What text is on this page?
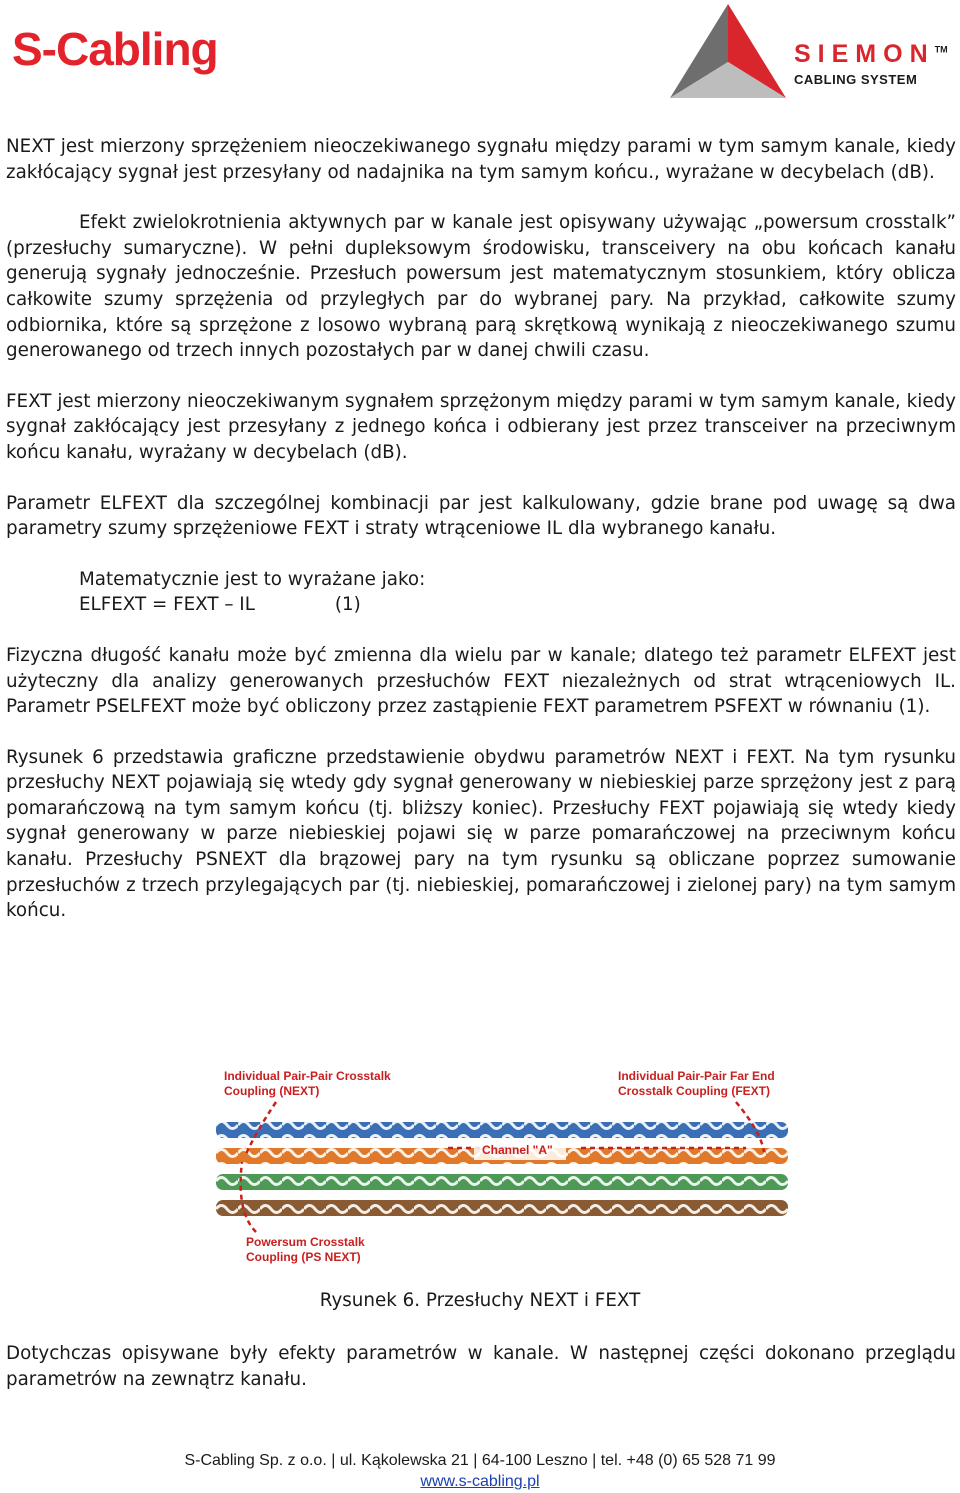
S-Cabling	SIEMON™
CABLING SYSTEM

NEXT jest mierzony sprzężeniem nieoczekiwanego sygnału między parami w tym samym kanale, kiedy zakłócający sygnał jest przesyłany od nadajnika na tym samym końcu., wyrażane w decybelach (dB).

Efekt zwielokrotnienia aktywnych par w kanale jest opisywany używając „powersum crosstalk” (przesłuchy sumaryczne). W pełni dupleksowym środowisku, transceivery na obu końcach kanału generują sygnały jednocześnie. Przesłuch powersum jest matematycznym stosunkiem, który oblicza całkowite szumy sprzężenia od przyległych par do wybranej pary. Na przykład, całkowite szumy odbiornika, które są sprzężone z losowo wybraną parą skrętkową wynikają z nieoczekiwanego szumu generowanego od trzech innych pozostałych par w danej chwili czasu.

FEXT jest mierzony nieoczekiwanym sygnałem sprzężonym między parami w tym samym kanale, kiedy sygnał zakłócający jest przesyłany z jednego końca i odbierany jest przez transceiver na przeciwnym końcu kanału, wyrażany w decybelach (dB).

Parametr ELFEXT dla szczególnej kombinacji par jest kalkulowany, gdzie brane pod uwagę są dwa parametry szumy sprzężeniowe FEXT i straty wtrąceniowe IL dla wybranego kanału.

Matematycznie jest to wyrażane jako:
ELFEXT = FEXT – IL	(1)

Fizyczna długość kanału może być zmienna dla wielu par w kanale; dlatego też parametr ELFEXT jest użyteczny dla analizy generowanych przesłuchów FEXT niezależnych od strat wtrąceniowych IL. Parametr PSELFEXT może być obliczony przez zastąpienie FEXT parametrem PSFEXT w równaniu (1).

Rysunek 6 przedstawia graficzne przedstawienie obydwu parametrów NEXT i FEXT. Na tym rysunku przesłuchy NEXT pojawiają się wtedy gdy sygnał generowany w niebieskiej parze sprzężony jest z parą pomarańczową na tym samym końcu (tj. bliższy koniec). Przesłuchy FEXT pojawiają się wtedy kiedy sygnał generowany w parze niebieskiej pojawi się w parze pomarańczowej na przeciwnym końcu kanału. Przesłuchy PSNEXT dla brązowej pary na tym rysunku są obliczane poprzez sumowanie przesłuchów z trzech przylegających par (tj. niebieskiej, pomarańczowej i zielonej pary) na tym samym końcu.

Individual Pair-Pair Crosstalk
Coupling (NEXT)
Individual Pair-Pair Far End
Crosstalk Coupling (FEXT)
Channel "A"
Powersum Crosstalk
Coupling (PS NEXT)
Rysunek 6. Przesłuchy NEXT i FEXT
Dotychczas opisywane były efekty parametrów w kanale. W następnej części dokonano przeglądu parametrów na zewnątrz kanału.
S-Cabling Sp. z o.o. | ul. Kąkolewska 21 | 64-100 Leszno | tel. +48 (0) 65 528 71 99
www.s-cabling.pl
